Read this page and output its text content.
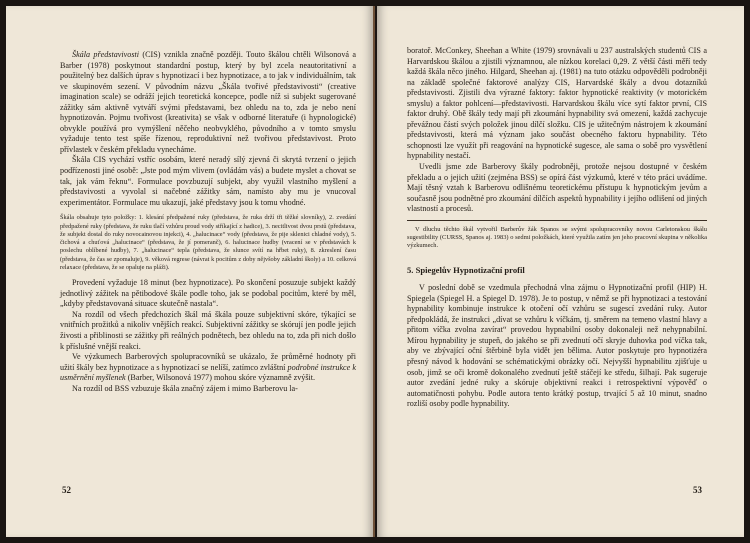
Škála představivosti (CIS) vznikla značně později. Touto škálou chtěli Wilsonová a Barber (1978) poskytnout standardní postup, který by byl zcela neautoritativní a použitelný bez dalších úprav s hypnotizací i bez hypnotizace, a to jak v individuálním, tak ve skupinovém sezení. V původním názvu „Škála tvořivé představivosti“ (creative imagination scale) se odráží jejich teoretická koncepce, podle níž si subjekt sugerované zážitky sám aktivně vytváří svými představami, bez ohledu na to, zda je nebo není hypnotizován. Pojmu tvořivost (kreativita) se však v odborné literatuře (i hypnologické) obvykle používá pro vymýšlení něčeho neobvyklého, původního a v tomto smyslu vyžaduje tento test spíše řízenou, reproduktivní než tvořivou představivost. Proto přívlastek v českém překladu vynecháme.

Škála CIS vychází vstříc osobám, které neradý sílý zjevná či skrytá tvrzení o jejich podřízenosti jiné osobě: „Jste pod mým vlivem (ovládám vás) a budete myslet a chovat se tak, jak vám řeknu“. Formulace povzbuzují subjekt, aby využil vlastního myšlení a představivosti a vyvolal si načebné zážitky sám, namísto aby mu je vnucoval experimentátor. Formulace mu ukazují, jaké představy jsou k tomu vhodné.

Škála obsahuje tyto položky: 1. klesání předpažené ruky (představa, že ruka drží tři těžké slovníky), 2. zvedání předpažené ruky (představa, že ruku tlačí vzhůru proud vody stříkající z hadice), 3. necitlivost dvou prstů (představa, že subjekt dostal do ruky novocainovou injekci), 4. „halucinace“ vody (představa, že pije sklenici chladné vody), 5. čichová a chuťová „halucinace“ (představa, že jí pomeranč), 6. halucinace hudby (vracení se v představách k poslechu oblíbené hudby), 7. „halucinace“ tepla (představa, že slunce svítí na hřbet ruky), 8. zkreslení času (představa, že čas se zpomaluje), 9. věková regrese (návrat k pocitům z doby nějvšoby základní školy) a 10. celková relaxace (představa, že se opaluje na pláži).

Provedení vyžaduje 18 minut (bez hypnotizace). Po skončení posuzuje subjekt každý jednotlivý zážitek na pětibodové škále podle toho, jak se podobal pocitům, které by měl, „kdyby představovaná situace skutečně nastala“.

Na rozdíl od všech předchozích škál má škála pouze subjektivní skóre, týkající se vnitřních prožitků a nikoliv vnějších reakcí. Subjektivní zážitky se skórují jen podle jejich živosti a přiblinosti se zážitky při reálných podnětech, bez ohledu na to, zda při nich došlo k příslušné vnější reakci.

Ve výzkumech Barberových spolupracovníků se ukázalo, že průměrné hodnoty při užití škály bez hypnotizace a s hypnotizací se nelíší, zatímco zvláštní podrobné instrukce k usměrnění myšlenek (Barber, Wilsonová 1977) mohou skóre významně zvýšit.

Na rozdíl od BSS vzbuzuje škála značný zájem i mimo Barberovu la-

52

boratoř. McConkey, Sheehan a White (1979) srovnávali u 237 australských studentů CIS a Harvardskou škálou a zjistili významnou, ale nízkou korelaci 0,29. Z větší části měří tedy každá škála něco jiného. Hilgard, Sheehan aj. (1981) na tuto otázku odpověděli podrobněji na základě společné faktorové analýzy CIS, Harvardské škály a dvou dotazníků představivosti. Zjistili dva výrazné faktory: faktor hypnotické reaktivity (v motorickém smyslu) a faktor pohlcení—představivosti. Harvardskou škálu více sytí faktor první, CIS faktor druhý. Obě škály tedy mají při zkoumání hypnability svá omezení, každá zachycuje převážnou částí svých položek jinou dílčí složku. CIS je užitečným nástrojem k zkoumání představivosti, která má význam jako součást obecného faktoru hypnability. Této schopnosti lze využít při reagování na hypnotické sugesce, ale sama o sobě pro vysvětlení hypnability nestačí.

Uvedli jsme zde Barberovy škály podrobněji, protože nejsou dostupné v českém překladu a o jejich užití (zejména BSS) se opírá část výzkumů, které v této práci uvádíme. Mají těsný vztah k Barberovu odlišnému teoretickému přístupu k hypnotickým jevům a současně jsou podnětné pro zkoumání dílčích aspektů hypnability i jejího odlišení od jiných vlastností a procesů.

V dluchu těchto škál vytvořil Barberův žák Spanos se svými spolupracovníky novou Carletonskou škálu sugestibility (CURSS, Spanos aj. 1983) o sedmi položkách, které využila zatím jen jeho pracovní skupina v několika výzkumech.

5. Spiegelův Hypnotizační profil

V poslední době se vzedmula přechodná vlna zájmu o Hypnotizační profil (HIP) H. Spiegela (Spiegel H. a Spiegel D. 1978). Je to postup, v němž se při hypnotizaci a testování hypnability kombinuje instrukce k otočení očí vzhůru se sugescí zvedání ruky. Autor předpokládá, že instrukci „dívat se vzhůru k víčkám, tj. směrem na temeno vlastní hlavy a přitom víčka zvolna zavírat“ provedou hypnabilní osoby dokonaleji než nehypnabilní. Mírou hypnability je stupeň, do jakého se při zvednutí očí skryje duhovka pod víčka tak, aby ve zbývající oční štěrbině byla vidět jen bělima. Autor poskytuje pro hypnotizéra přesný návod k hodování se schématickými obrázky očí. Nejvyšší hypnabilitu zjišťuje u osob, jimž se oči kromě dokonalého zvednutí ještě stáčejí ke středu, šilhají. Pak sugeruje autor zvedání jedné ruky a skóruje objektivní reakci i retrospektivní výpověď o automatičnosti pohybu. Podle autora tento krátký postup, trvající 5 až 10 minut, snadno rozliší osoby podle hypnability.

53
